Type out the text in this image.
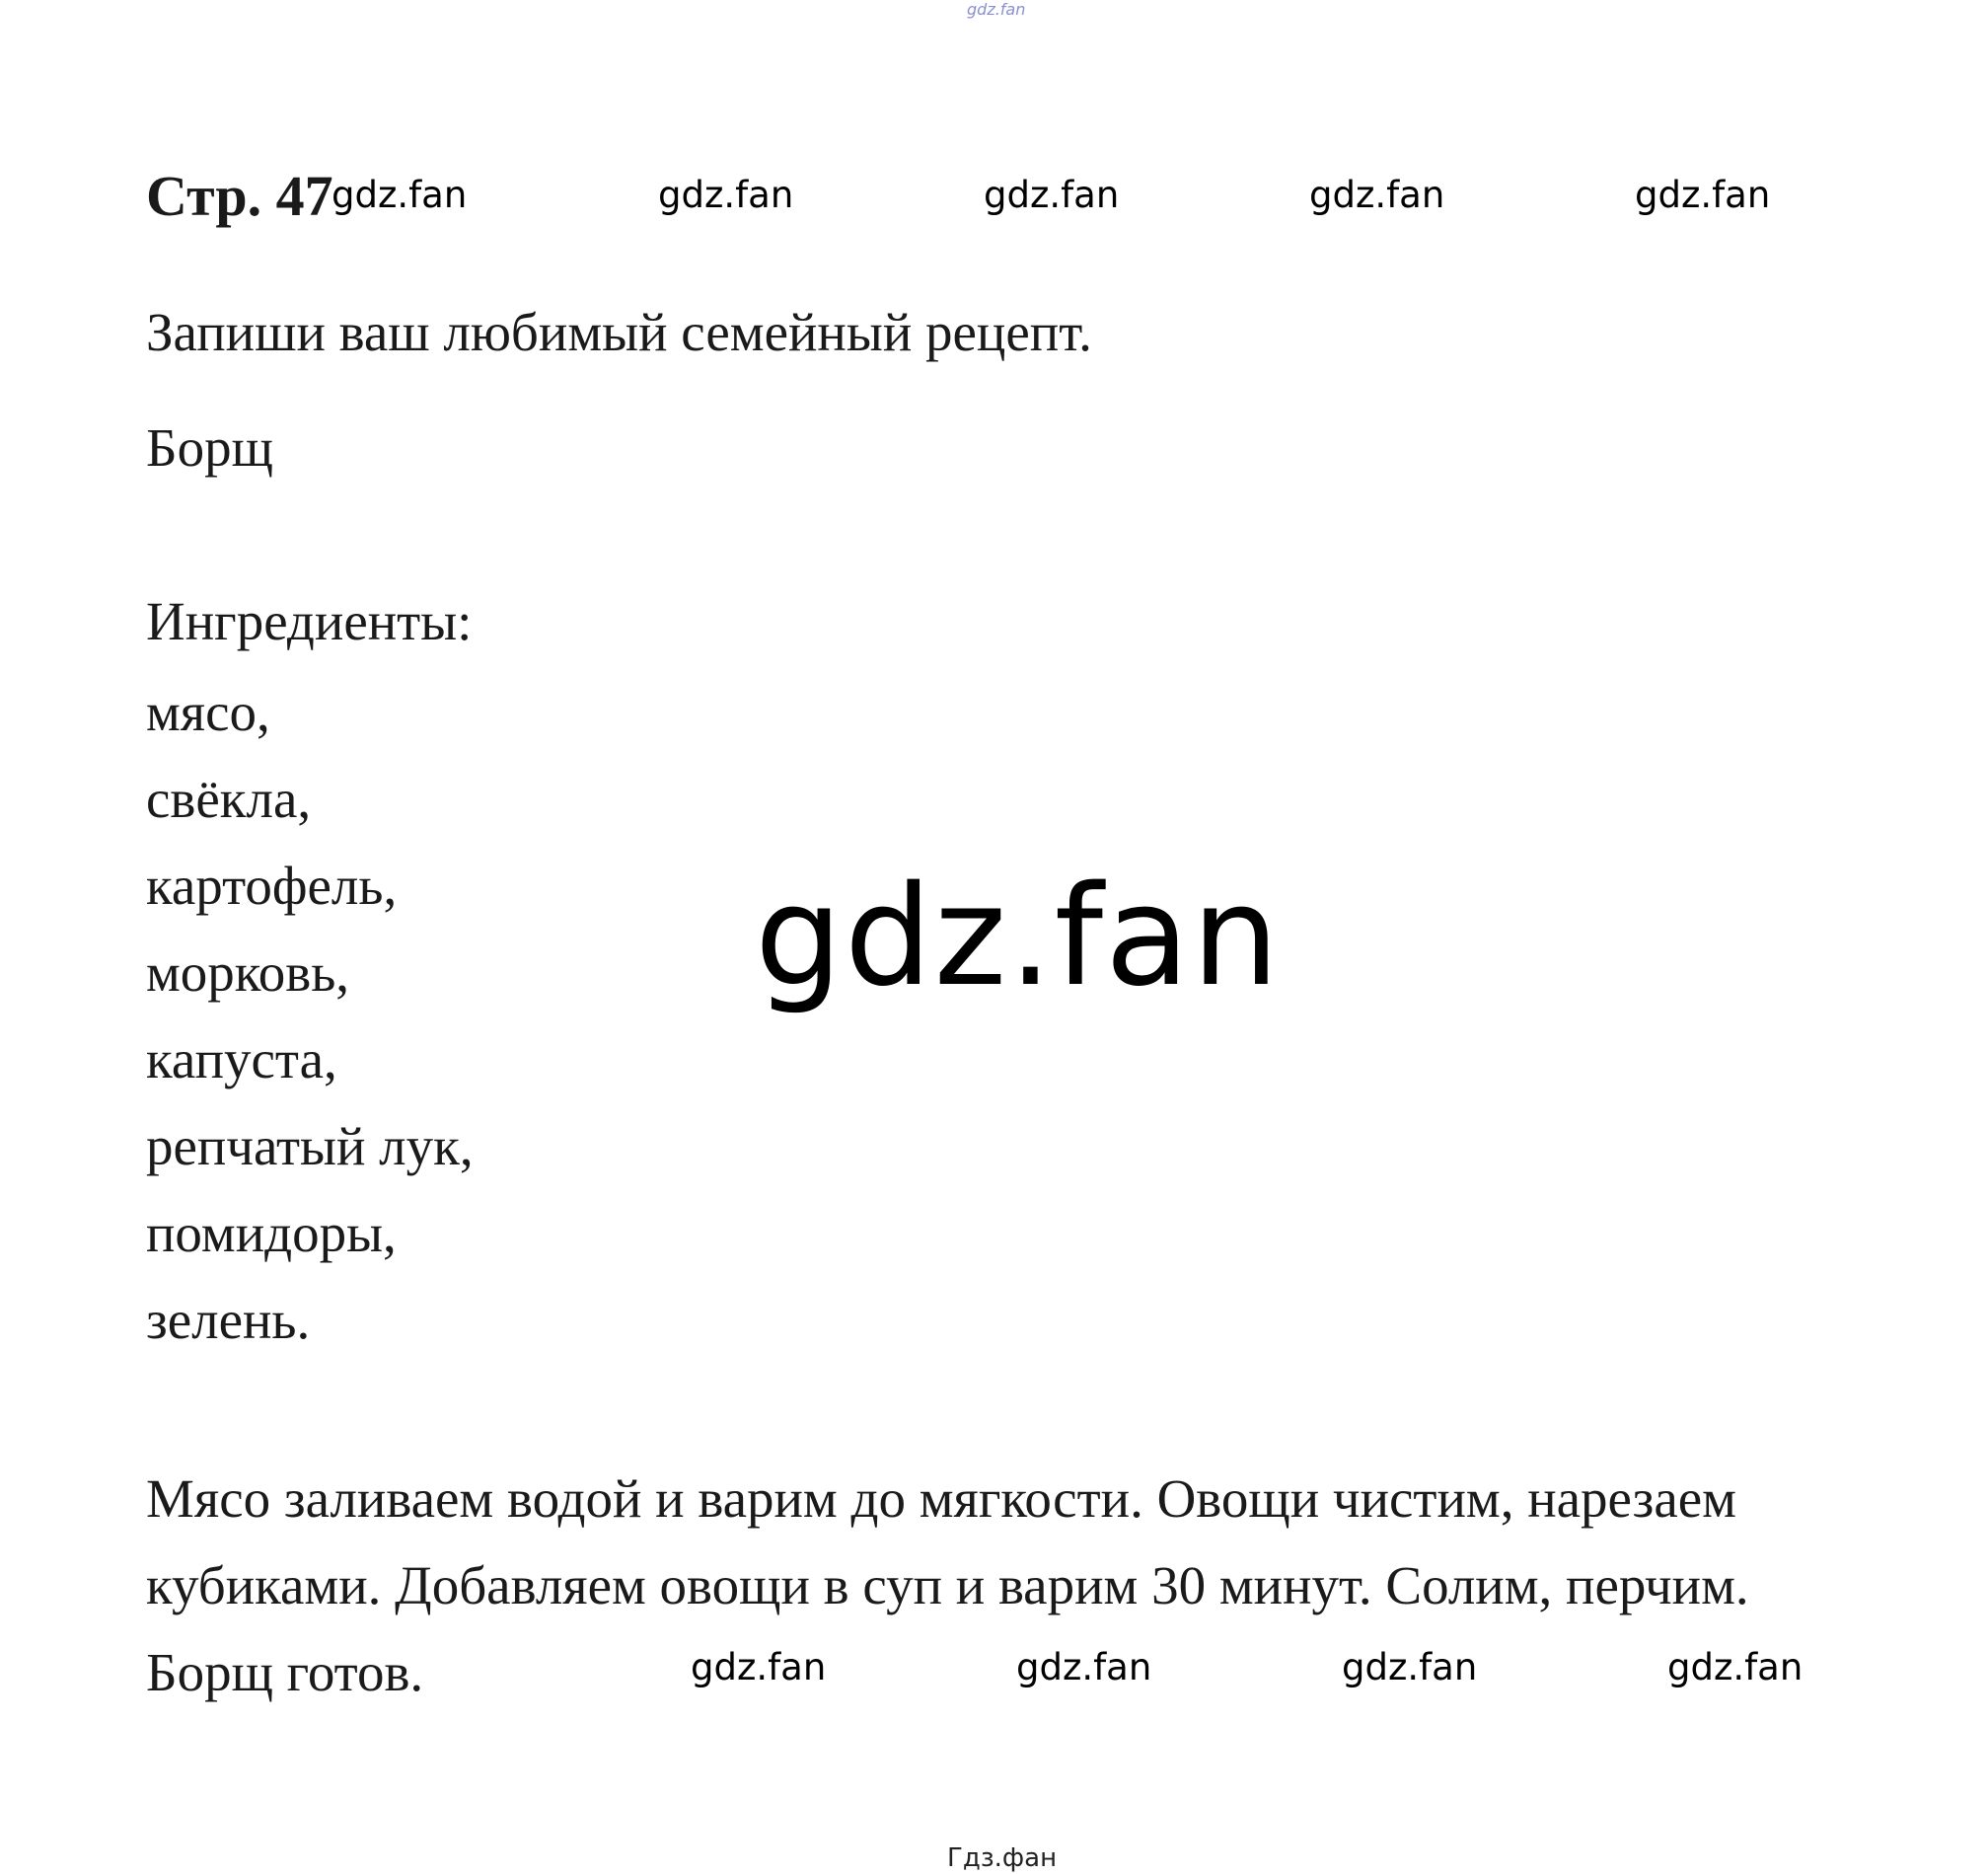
gdz.fan
Стр. 47
gdz.fan	gdz.fan	gdz.fan	gdz.fan	gdz.fan
Запиши ваш любимый семейный рецепт.
Борщ
Ингредиенты:
мясо,
свёкла,
картофель,
морковь,
капуста,
репчатый лук,
помидоры,
зелень.
gdz.fan

Мясо заливаем водой и варим до мягкости. Овощи чистим, нарезаем кубиками. Добавляем овощи в суп и варим 30 минут. Солим, перчим. Борщ готов.	gdz.fan	gdz.fan	gdz.fan	gdz.fan
Гдз.фан
